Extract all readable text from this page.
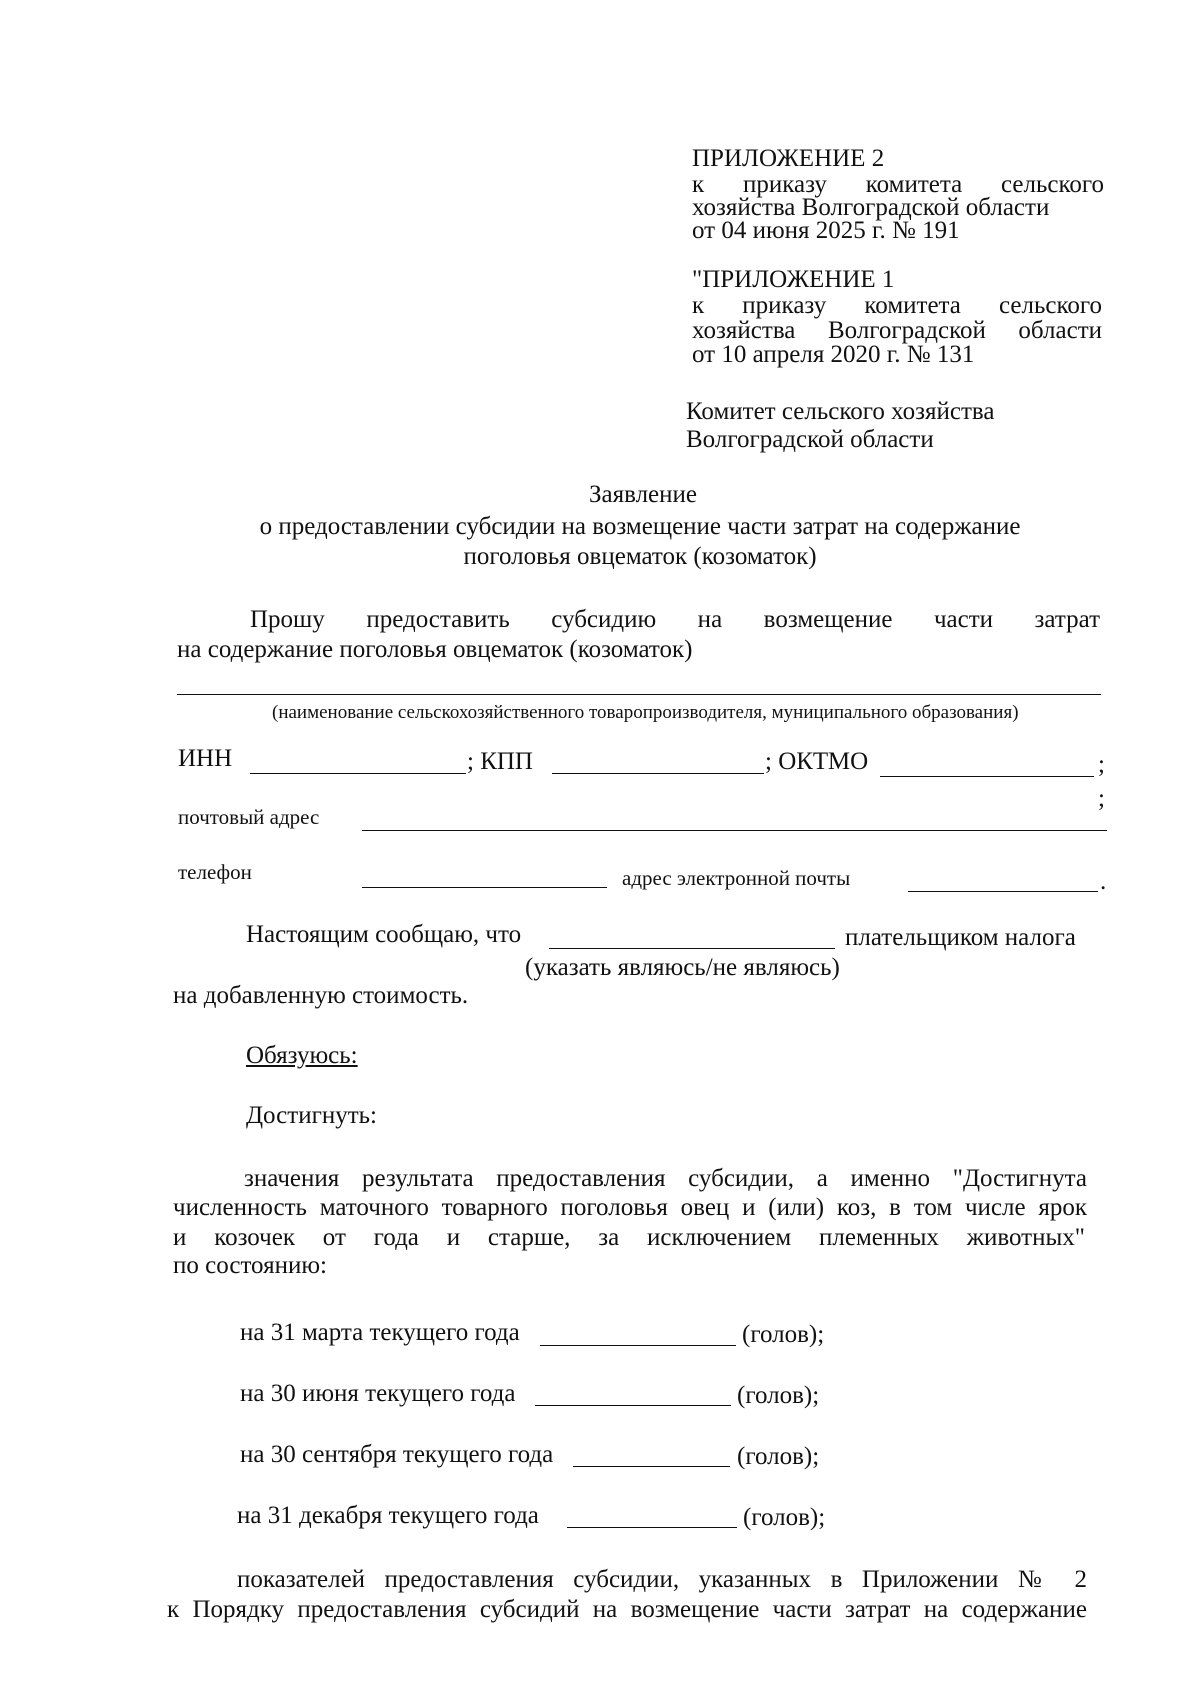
ПРИЛОЖЕНИЕ 2
к приказу комитета сельского
хозяйства Волгоградской области
от 04 июня 2025 г. № 191
"ПРИЛОЖЕНИЕ 1
к приказу комитета сельского
хозяйства Волгоградской области
от 10 апреля 2020 г. № 131
Комитет сельского хозяйства
Волгоградской области
Заявление
о предоставлении субсидии на возмещение части затрат на содержание
поголовья овцематок (козоматок)
Прошу предоставить субсидию на возмещение части затрат
на содержание поголовья овцематок (козоматок)
(наименование сельскохозяйственного товаропроизводителя, муниципального образования)
ИНН	; КПП	; ОКТМО	;
;
почтовый адрес
телефон	адрес электронной почты	.
Настоящим сообщаю, что	плательщиком налога
(указать являюсь/не являюсь)
на добавленную стоимость.
Обязуюсь:
Достигнуть:
значения результата предоставления субсидии, а именно "Достигнута
численность маточного товарного поголовья овец и (или) коз, в том числе ярок
и козочек от года и старше, за исключением племенных животных"
по состоянию:
на 31 марта текущего года	(голов);
на 30 июня текущего года	(голов);
на 30 сентября текущего года	(голов);
на 31 декабря текущего года	(голов);
показателей предоставления субсидии, указанных в Приложении № 2
к Порядку предоставления субсидий на возмещение части затрат на содержание
